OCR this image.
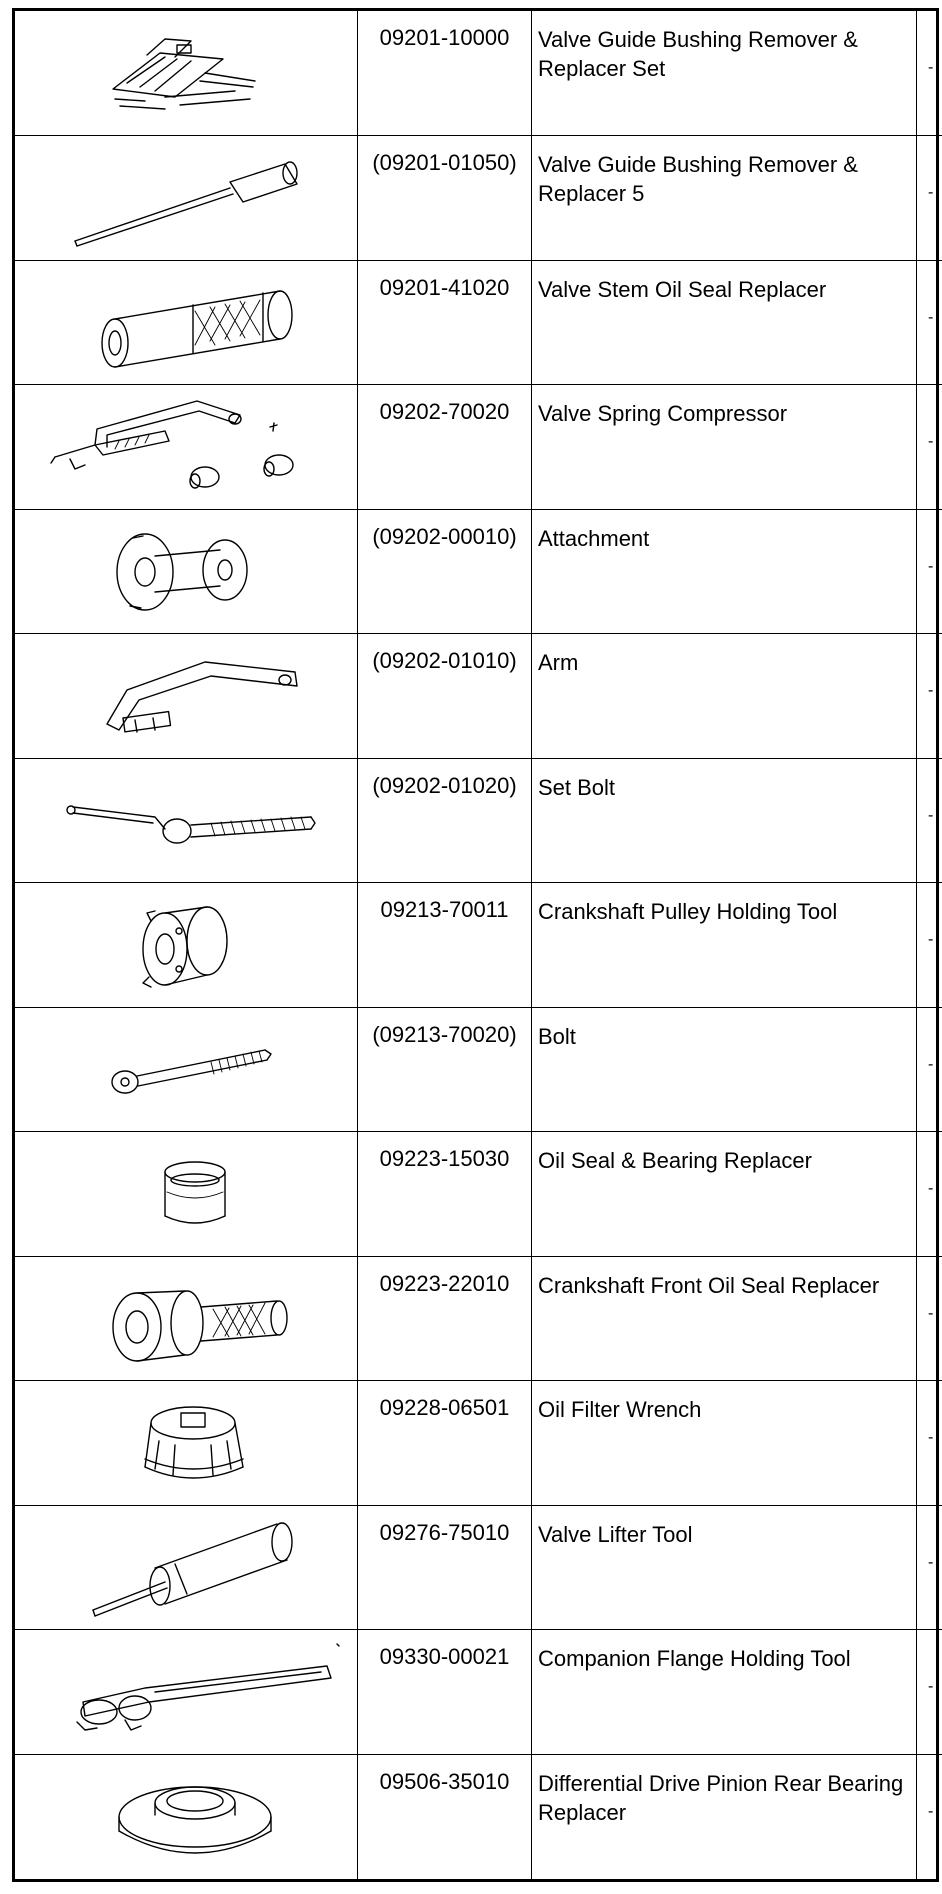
	09201-10000	Valve Guide Bushing Remover & Replacer Set	-

	(09201-01050)	Valve Guide Bushing Remover & Replacer 5	-

	09201-41020	Valve Stem Oil Seal Replacer	-

	09202-70020	Valve Spring Compressor	-

	(09202-00010)	Attachment	-

	(09202-01010)	Arm	-

	(09202-01020)	Set Bolt	-

	09213-70011	Crankshaft Pulley Holding Tool	-

	(09213-70020)	Bolt	-

	09223-15030	Oil Seal & Bearing Replacer	-

	09223-22010	Crankshaft Front Oil Seal Replacer	-

	09228-06501	Oil Filter Wrench	-

	09276-75010	Valve Lifter Tool	-

	09330-00021	Companion Flange Holding Tool	-

	09506-35010	Differential Drive Pinion Rear Bearing Replacer	-
